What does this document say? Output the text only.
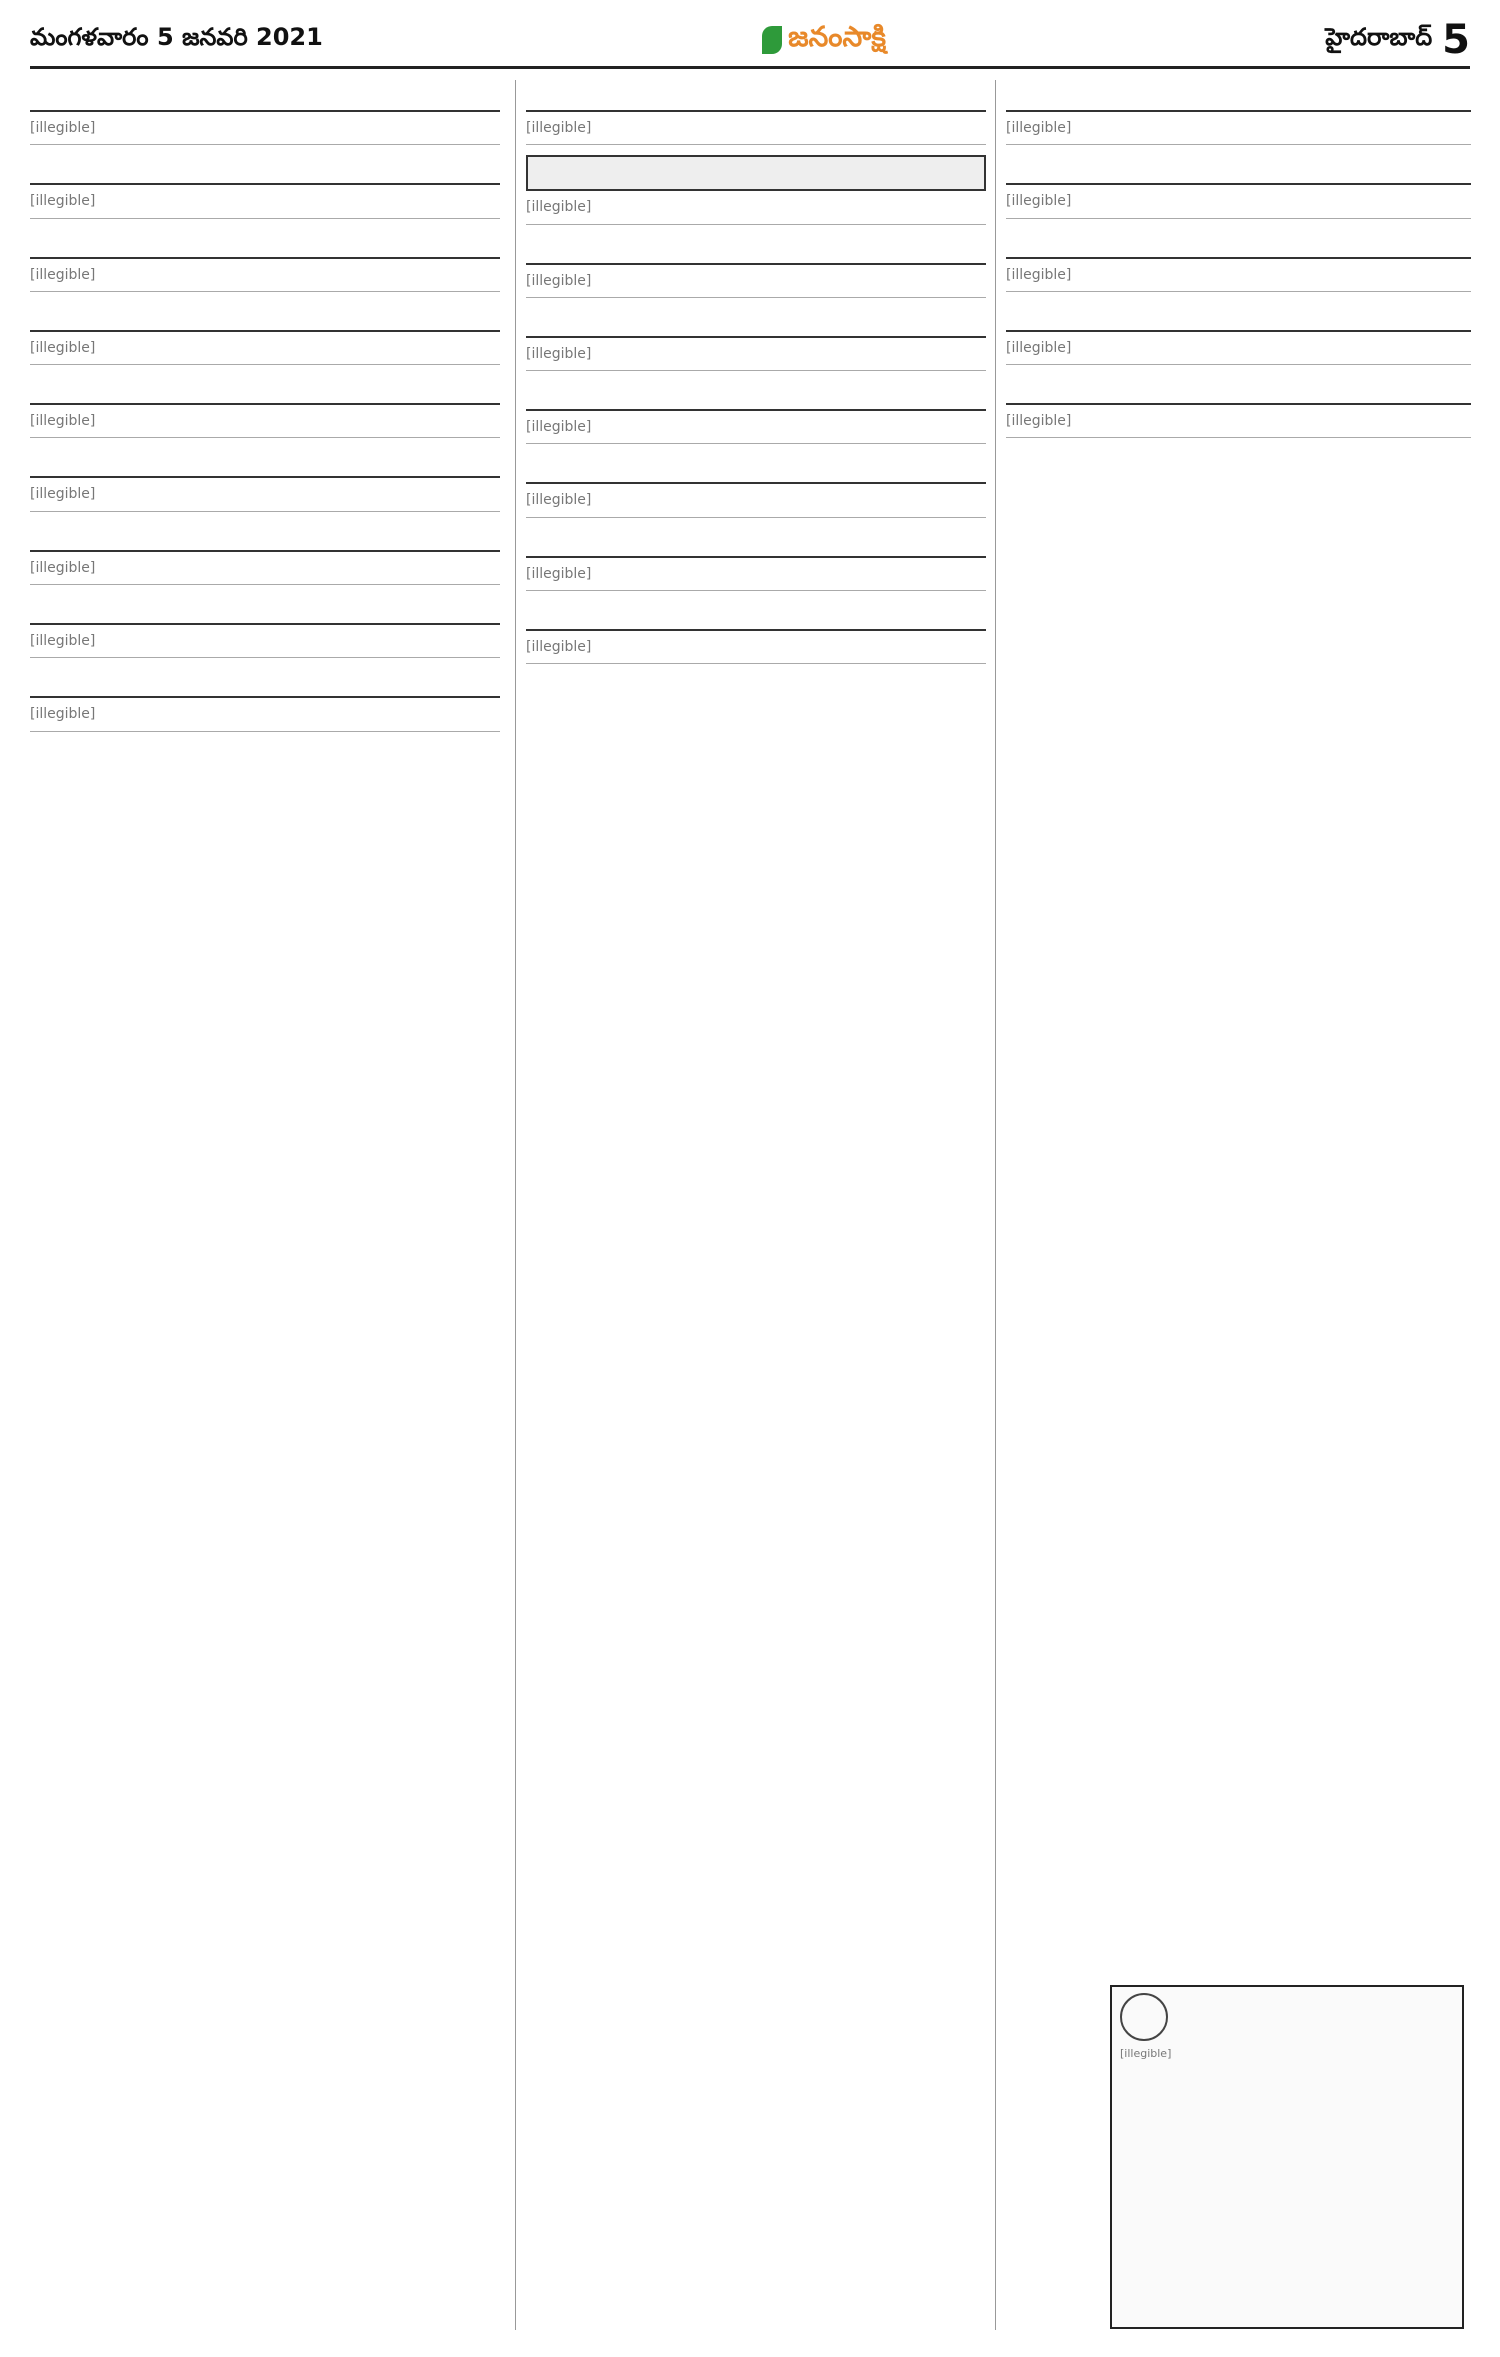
మంగళవారం 5 జనవరి 2021	జనంసాక్షి	హైదరాబాద్ 5
[illegible]
[illegible]
[illegible]
[illegible]
[illegible]
[illegible]
[illegible]
[illegible]
[illegible]
[illegible]
[illegible]
[illegible]
[illegible]
[illegible]
[illegible]
[illegible]
[illegible]
[illegible]
[illegible]
[illegible]
[illegible]
[illegible]
[illegible]
